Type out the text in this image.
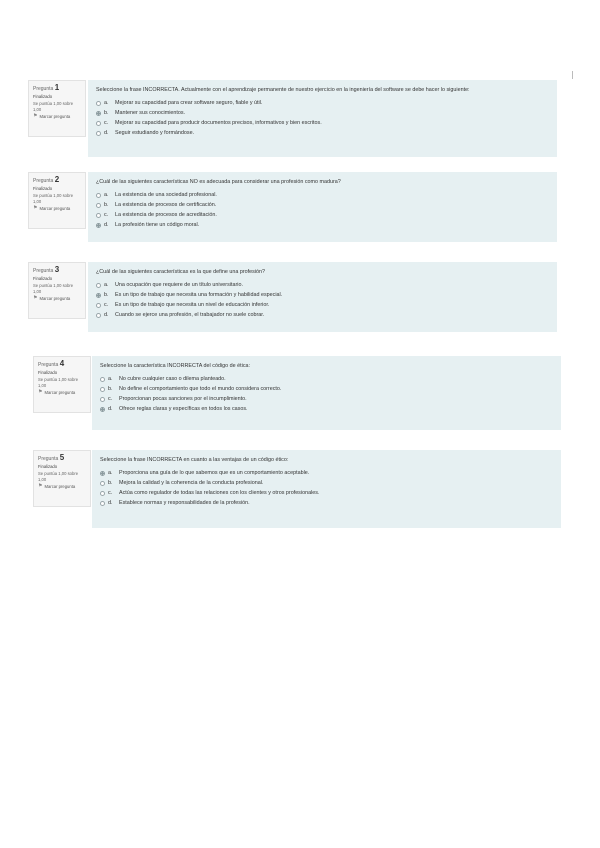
Pregunta 1
Finalizado
Se puntúa 1,00 sobre 1,00
⚑ Marcar pregunta
Seleccione la frase INCORRECTA. Actualmente con el aprendizaje permanente de nuestro ejercicio en la ingeniería del software se debe hacer lo siguiente:
a.	Mejorar su capacidad para crear software seguro, fiable y útil.
b.	Mantener sus conocimientos.
c.	Mejorar su capacidad para producir documentos precisos, informativos y bien escritos.
d.	Seguir estudiando y formándose.
Pregunta 2
Finalizado
Se puntúa 1,00 sobre 1,00
⚑ Marcar pregunta
¿Cuál de las siguientes características NO es adecuada para considerar una profesión como madura?
a.	La existencia de una sociedad profesional.
b.	La existencia de procesos de certificación.
c.	La existencia de procesos de acreditación.
d.	La profesión tiene un código moral.
Pregunta 3
Finalizado
Se puntúa 1,00 sobre 1,00
⚑ Marcar pregunta
¿Cuál de las siguientes características es la que define una profesión?
a.	Una ocupación que requiere de un título universitario.
b.	Es un tipo de trabajo que necesita una formación y habilidad especial.
c.	Es un tipo de trabajo que necesita un nivel de educación inferior.
d.	Cuando se ejerce una profesión, el trabajador no suele cobrar.
Pregunta 4
Finalizado
Se puntúa 1,00 sobre 1,00
⚑ Marcar pregunta
Seleccione la característica INCORRECTA del código de ética:
a.	No cubre cualquier caso o dilema planteado.
b.	No define el comportamiento que todo el mundo considera correcto.
c.	Proporcionan pocas sanciones por el incumplimiento.
d.	Ofrece reglas claras y específicas en todos los casos.
Pregunta 5
Finalizado
Se puntúa 1,00 sobre 1,00
⚑ Marcar pregunta
Seleccione la frase INCORRECTA en cuanto a las ventajas de un código ético:
a.	Proporciona una guía de lo que sabemos que es un comportamiento aceptable.
b.	Mejora la calidad y la coherencia de la conducta profesional.
c.	Actúa como regulador de todas las relaciones con los clientes y otros profesionales.
d.	Establece normas y responsabilidades de la profesión.
